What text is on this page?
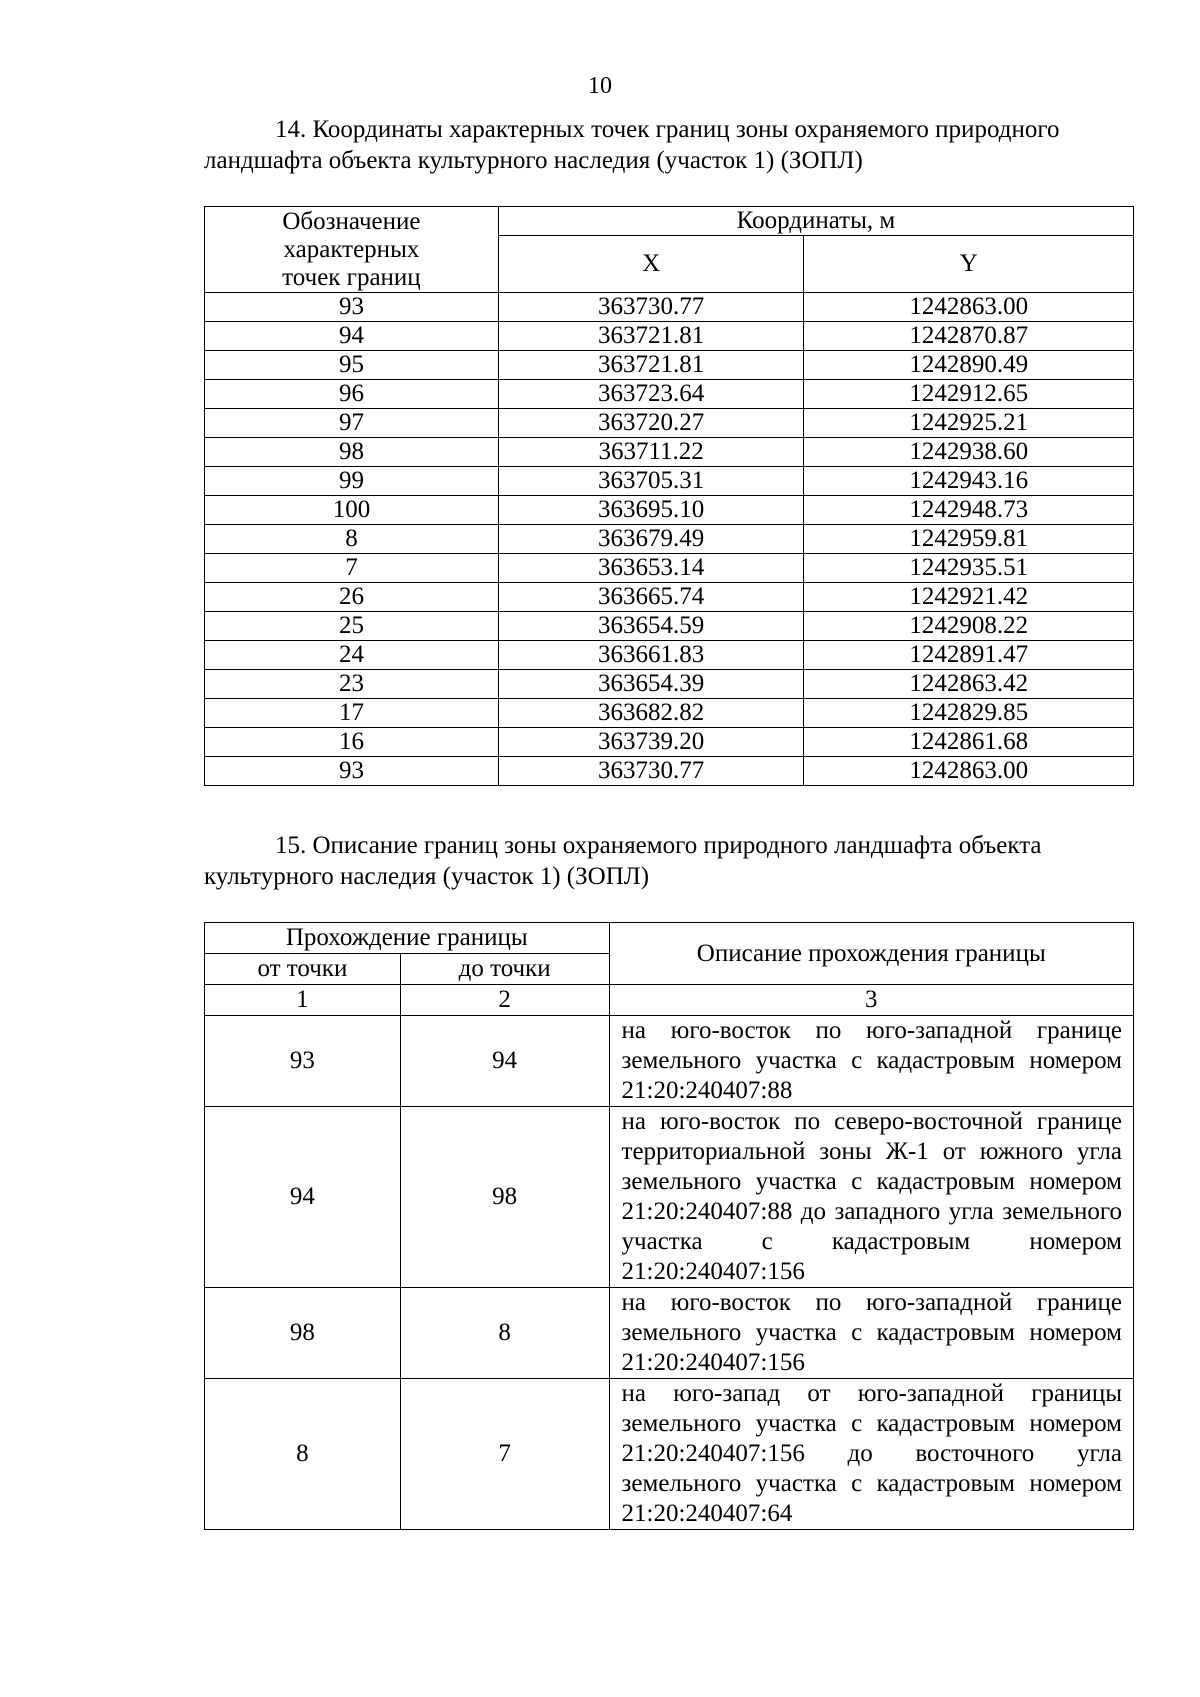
10
14. Координаты характерных точек границ зоны охраняемого природного
ландшафта объекта культурного наследия (участок 1) (ЗОПЛ)
Обозначение характерных точек границ	Координаты, м	
	X	Y
93	363730.77	1242863.00
94	363721.81	1242870.87
95	363721.81	1242890.49
96	363723.64	1242912.65
97	363720.27	1242925.21
98	363711.22	1242938.60
99	363705.31	1242943.16
100	363695.10	1242948.73
8	363679.49	1242959.81
7	363653.14	1242935.51
26	363665.74	1242921.42
25	363654.59	1242908.22
24	363661.83	1242891.47
23	363654.39	1242863.42
17	363682.82	1242829.85
16	363739.20	1242861.68
93	363730.77	1242863.00
15. Описание границ зоны охраняемого природного ландшафта объекта
культурного наследия (участок 1) (ЗОПЛ)
Прохождение границы		Описание прохождения границы
от точки	до точки	
1	2	3
93	94	на юго-восток по юго-западной границе земельного участка с кадастровым номером 21:20:240407:88
94	98	на юго-восток по северо-восточной границе территориальной зоны Ж-1 от южного угла земельного участка с кадастровым номером 21:20:240407:88 до западного угла земельного участка с кадастровым номером 21:20:240407:156
98	8	на юго-восток по юго-западной границе земельного участка с кадастровым номером 21:20:240407:156
8	7	на юго-запад от юго-западной границы земельного участка с кадастровым номером 21:20:240407:156 до восточного угла земельного участка с кадастровым номером 21:20:240407:64
